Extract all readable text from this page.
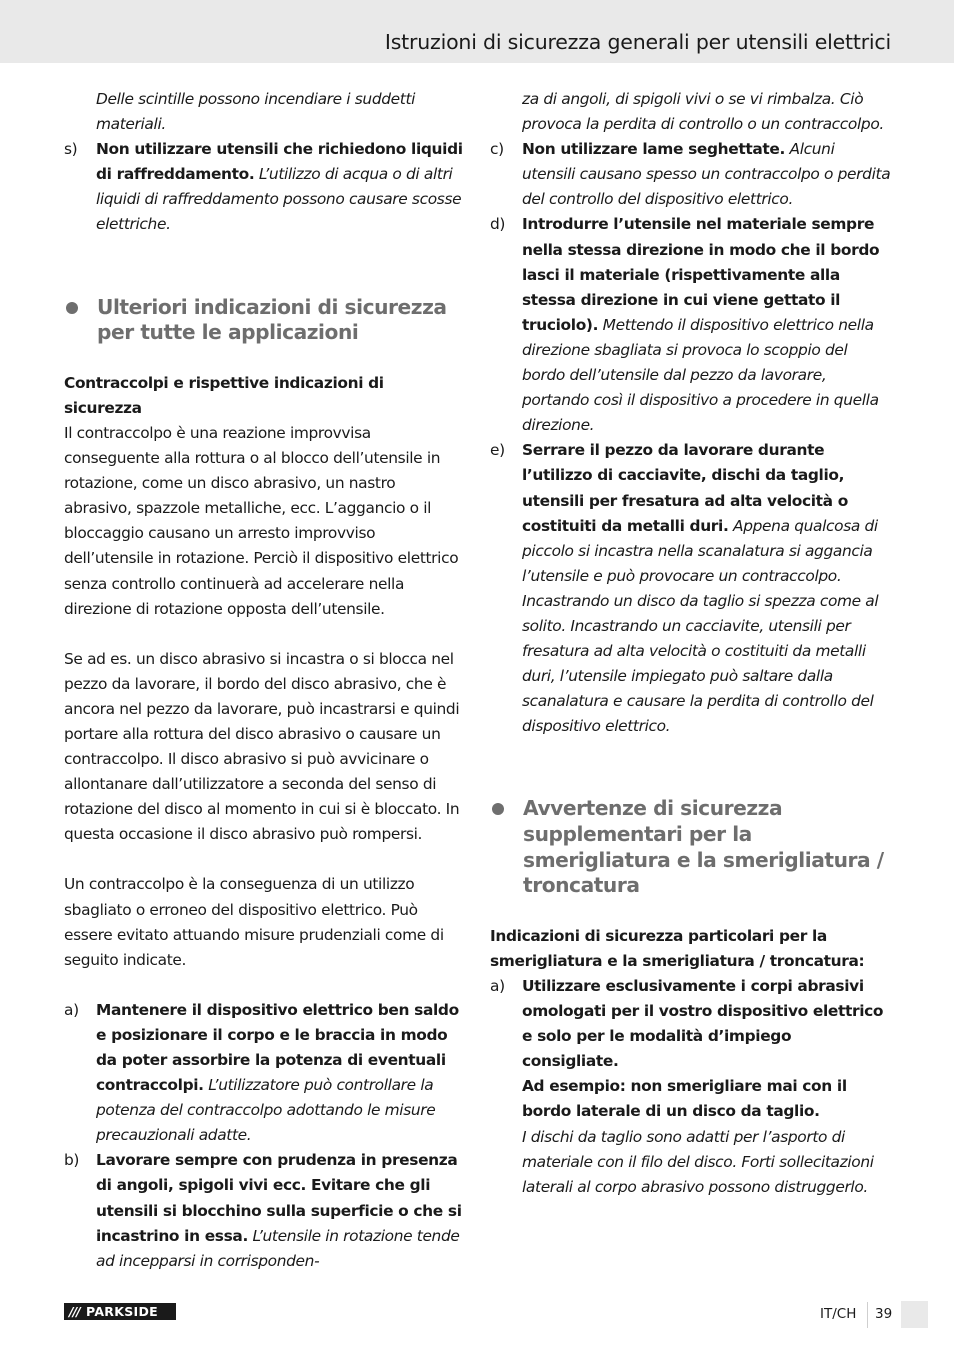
Istruzioni di sicurezza generali per utensili elettrici

Delle scintille possono incendiare i suddetti materiali.

s) Non utilizzare utensili che richiedono liquidi di raffreddamento. L’utilizzo di acqua o di altri liquidi di raffreddamento possono causare scosse elettriche.

Ulteriori indicazioni di sicurezza per tutte le applicazioni

Contraccolpi e rispettive indicazioni di sicurezza

Il contraccolpo è una reazione improvvisa conseguente alla rottura o al blocco dell’utensile in rotazione, come un disco abrasivo, un nastro abrasivo, spazzole metalliche, ecc. L’aggancio o il bloccaggio causano un arresto improvviso dell’utensile in rotazione. Perciò il dispositivo elettrico senza controllo continuerà ad accelerare nella direzione di rotazione opposta dell’utensile.

Se ad es. un disco abrasivo si incastra o si blocca nel pezzo da lavorare, il bordo del disco abrasivo, che è ancora nel pezzo da lavorare, può incastrarsi e quindi portare alla rottura del disco abrasivo o causare un contraccolpo. Il disco abrasivo si può avvicinare o allontanare dall’utilizzatore a seconda del senso di rotazione del disco al momento in cui si è bloccato. In questa occasione il disco abrasivo può rompersi.

Un contraccolpo è la conseguenza di un utilizzo sbagliato o erroneo del dispositivo elettrico. Può essere evitato attuando misure prudenziali come di seguito indicate.

a) Mantenere il dispositivo elettrico ben saldo e posizionare il corpo e le braccia in modo da poter assorbire la potenza di eventuali contraccolpi. L’utilizzatore può controllare la potenza del contraccolpo adottando le misure precauzionali adatte.

b) Lavorare sempre con prudenza in presenza di angoli, spigoli vivi ecc. Evitare che gli utensili si blocchino sulla superficie o che si incastrino in essa. L’utensile in rotazione tende ad incepparsi in corrisponden-

za di angoli, di spigoli vivi o se vi rimbalza. Ciò provoca la perdita di controllo o un contraccolpo.

c) Non utilizzare lame seghettate. Alcuni utensili causano spesso un contraccolpo o perdita del controllo del dispositivo elettrico.

d) Introdurre l’utensile nel materiale sempre nella stessa direzione in modo che il bordo lasci il materiale (rispettivamente alla stessa direzione in cui viene gettato il truciolo). Mettendo il dispositivo elettrico nella direzione sbagliata si provoca lo scoppio del bordo dell’utensile dal pezzo da lavorare, portando così il dispositivo a procedere in quella direzione.

e) Serrare il pezzo da lavorare durante l’utilizzo di cacciavite, dischi da taglio, utensili per fresatura ad alta velocità o costituiti da metalli duri. Appena qualcosa di piccolo si incastra nella scanalatura si aggancia l’utensile e può provocare un contraccolpo. Incastrando un disco da taglio si spezza come al solito. Incastrando un cacciavite, utensili per fresatura ad alta velocità o costituiti da metalli duri, l’utensile impiegato può saltare dalla scanalatura e causare la perdita di controllo del dispositivo elettrico.

Avvertenze di sicurezza supplementari per la smerigliatura e la smerigliatura / troncatura

Indicazioni di sicurezza particolari per la smerigliatura e la smerigliatura / troncatura:

a) Utilizzare esclusivamente i corpi abrasivi omologati per il vostro dispositivo elettrico e solo per le modalità d’impiego consigliate.

Ad esempio: non smerigliare mai con il bordo laterale di un disco da taglio.

I dischi da taglio sono adatti per l’asporto di materiale con il filo del disco. Forti sollecitazioni laterali al corpo abrasivo possono distruggerlo.

/// PARKSIDE	IT/CH 39
